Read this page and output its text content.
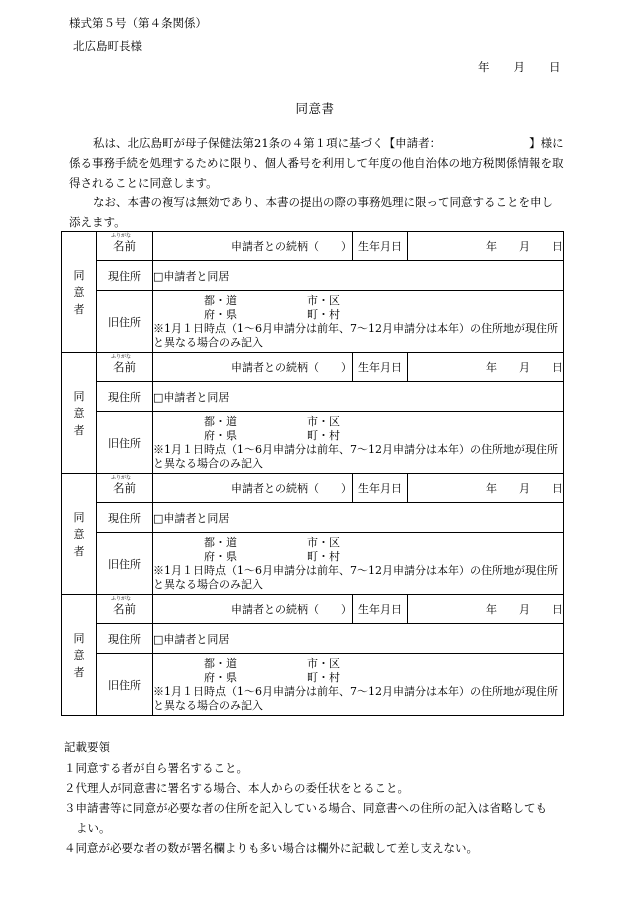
様式第５号（第４条関係）
北広島町長様
年 月 日
同意書
私は、北広島町が母子保健法第21条の４第１項に基づく【申請者：	】様に係る事務手続を処理するために限り、個人番号を利用して年度の他自治体の地方税関係情報を取得されることに同意します。
なお、本書の複写は無効であり、本書の提出の際の事務処理に限って同意することを申し添えます。
同
意
者	ふりがな
名前	申請者との続柄（　　）	生年月日	年　　月　　日
	現住所	□申請者と同居		
	旧住所	都・道 市・区
府・県 町・村
※1月１日時点（1～6月申請分は前年、7～12月申請分は本年）の住所地が現住所と異なる場合のみ記入		

同
意
者	ふりがな
名前	申請者との続柄（　　）	生年月日	年　　月　　日
	現住所	□申請者と同居		
	旧住所	都・道 市・区
府・県 町・村
※1月１日時点（1～6月申請分は前年、7～12月申請分は本年）の住所地が現住所と異なる場合のみ記入		

同
意
者	ふりがな
名前	申請者との続柄（　　）	生年月日	年　　月　　日
	現住所	□申請者と同居		
	旧住所	都・道 市・区
府・県 町・村
※1月１日時点（1～6月申請分は前年、7～12月申請分は本年）の住所地が現住所と異なる場合のみ記入		

同
意
者	ふりがな
名前	申請者との続柄（　　）	生年月日	年　　月　　日
	現住所	□申請者と同居		
	旧住所	都・道 市・区
府・県 町・村
※1月１日時点（1～6月申請分は前年、7～12月申請分は本年）の住所地が現住所と異なる場合のみ記入		
記載要領
１同意する者が自ら署名すること。
２代理人が同意書に署名する場合、本人からの委任状をとること。
３申請書等に同意が必要な者の住所を記入している場合、同意書への住所の記入は省略しても
よい。
４同意が必要な者の数が署名欄よりも多い場合は欄外に記載して差し支えない。
